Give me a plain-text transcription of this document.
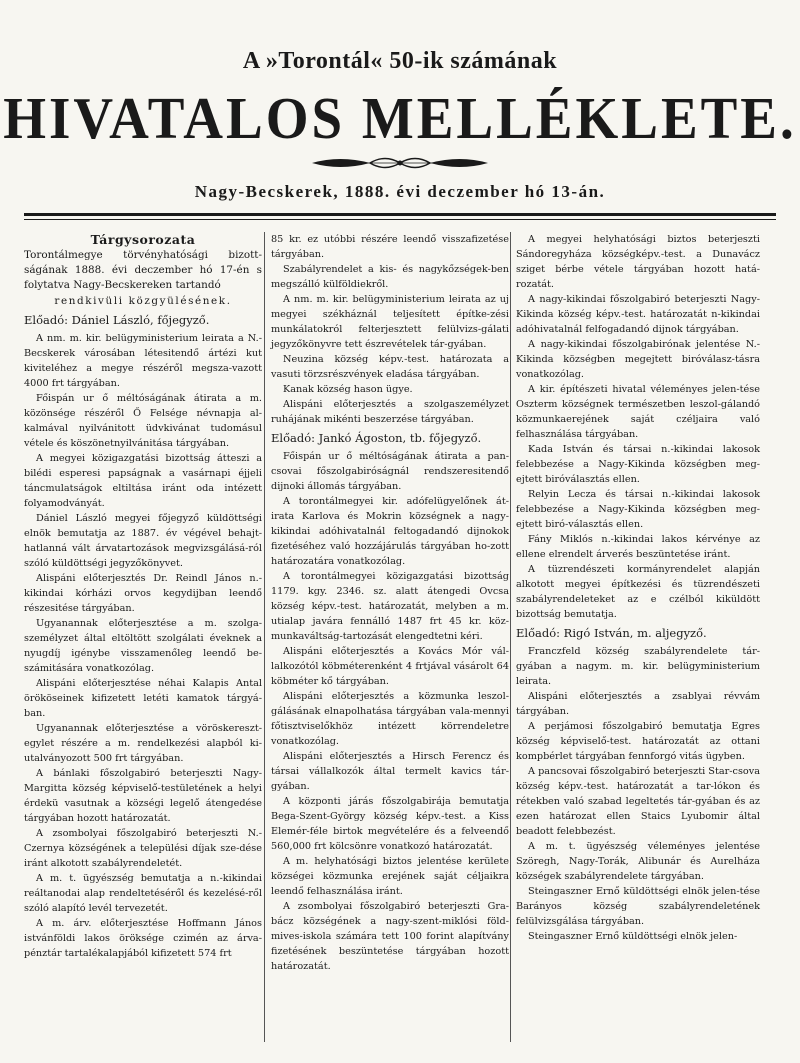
A »Torontál« 50-ik számának
HIVATALOS MELLÉKLETE.
Nagy-Becskerek, 1888. évi deczember hó 13-án.
Tárgysorozata

Torontálmegye törvényhatósági bizott-ságának 1888. évi deczember hó 17-én s folytatva Nagy-Becskereken tartandó

rendkivüli közgyülésének.

Előadó: Dániel László, főjegyző.

A nm. m. kir. belügyministerium leirata a N.-Becskerek városában létesitendő ártézi kut kiviteléhez a megye részéről megsza-vazott 4000 frt tárgyában.

Főispán ur ő méltóságának átirata a m. közönsége részéről Ő Felsége névnapja al-kalmával nyilvánitott üdvkivánat tudomásul vétele és köszönetnyilvánitása tárgyában.

A megyei közigazgatási bizottság átteszi a bilédi esperesi papságnak a vasárnapi éjjeli táncmulatságok eltiltása iránt oda intézett folyamodványát.

Dániel László megyei főjegyző küldöttségi elnök bemutatja az 1887. év végével behajt-hatlanná vált árvatartozások megvizsgálásá-ról szóló küldöttségi jegyzőkönyvet.

Alispáni előterjesztés Dr. Reindl János n.-kikindai kórházi orvos kegydijban leendő részesitése tárgyában.

Ugyanannak előterjesztése a m. szolga-személyzet által eltöltött szolgálati éveknek a nyugdíj igénybe visszamenőleg leendő be-számitására vonatkozólag.

Alispáni előterjesztése néhai Kalapis Antal örököseinek kifizetett letéti kamatok tárgyá-ban.

Ugyanannak előterjesztése a vöröskereszt-egylet részére a m. rendelkezési alapból ki-utalványozott 500 frt tárgyában.

A bánlaki főszolgabiró beterjeszti Nagy-Margitta község képviselő-testületének a helyi érdekü vasutnak a községi legelő átengedése tárgyában hozott határozatát.

A zsombolyai főszolgabiró beterjeszti N.-Czernya községének a települési díjak sze-dése iránt alkotott szabályrendeletét.

A m. t. ügyészség bemutatja a n.-kikindai reáltanodai alap rendeltetéséről és kezelésé-ről szóló alapító levél tervezetét.

A m. árv. előterjesztése Hoffmann János istvánföldi lakos öröksége czimén az árva-pénztár tartalékalapjából kifizetett 574 frt

85 kr. ez utóbbi részére leendő visszafizetése tárgyában.

Szabályrendelet a kis- és nagykőzségek-ben megszálló külföldiekről.

A nm. m. kir. belügyministerium leirata az uj megyei székháznál teljesített építke-zési munkálatokról felterjesztett felülvizs-gálati jegyzőkönyvre tett észrevételek tár-gyában.

Neuzina község képv.-test. határozata a vasuti törzsrészvények eladása tárgyában.

Kanak község hason ügye.

Alispáni előterjesztés a szolgaszemélyzet ruhájának mikénti beszerzése tárgyában.

Előadó: Jankó Ágoston, tb. főjegyző.

Főispán ur ő méltóságának átirata a pan-csovai főszolgabiróságnál rendszeresitendő dijnoki állomás tárgyában.

A torontálmegyei kir. adófelügyelőnek át-irata Karlova és Mokrin községnek a nagy-kikindai adóhivatalnál feltogadandó dijnokok fizetéséhez való hozzájárulás tárgyában ho-zott határozatára vonatkozólag.

A torontálmegyei közigazgatási bizottság 1179. kgy. 2346. sz. alatt átengedi Ovcsa község képv.-test. határozatát, melyben a m. utialap javára fennálló 1487 frt 45 kr. köz-munkaváltság-tartozását elengedtetni kéri.

Alispáni előterjesztés a Kovács Mór vál-lalkozótól köbméterenként 4 frtjával vásárolt 64 köbméter kő tárgyában.

Alispáni előterjesztés a közmunka leszol-gálásának elnapolhatása tárgyában vala-mennyi főtisztviselőkhöz intézett körrendeletre vonatkozólag.

Alispáni előterjesztés a Hirsch Ferencz és társai vállalkozók által termelt kavics tár-gyában.

A központi járás főszolgabirája bemutatja Bega-Szent-György község képv.-test. a Kiss Elemér-féle birtok megvételére és a felveendő 560,000 frt kölcsönre vonatkozó határozatát.

A m. helyhatósági biztos jelentése kerülete községei közmunka erejének saját céljaikra leendő felhasználása iránt.

A zsombolyai főszolgabiró beterjeszti Gra-bácz községének a nagy-szent-miklósi föld-mives-iskola számára tett 100 forint alapítvány fizetésének beszüntetése tárgyában hozott határozatát.

A megyei helyhatósági biztos beterjeszti Sándoregyháza községképv.-test. a Dunavácz sziget bérbe vétele tárgyában hozott hatá-rozatát.

A nagy-kikindai főszolgabiró beterjeszti Nagy-Kikinda község képv.-test. határozatát n-kikindai adóhivatalnál felfogadandó dijnok tárgyában.

A nagy-kikindai főszolgabirónak jelentése N.-Kikinda községben megejtett biróválasz-tásra vonatkozólag.

A kir. építészeti hivatal véleményes jelen-tése Oszterm községnek természetben leszol-gálandó közmunkaerejének saját czéljaira való felhasználása tárgyában.

Kada István és társai n.-kikindai lakosok felebbezése a Nagy-Kikinda községben meg-ejtett biróválasztás ellen.

Relyin Lecza és társai n.-kikindai lakosok felebbezése a Nagy-Kikinda községben meg-ejtett biró-választás ellen.

Fány Miklós n.-kikindai lakos kérvénye az ellene elrendelt árverés beszüntetése iránt.

A tüzrendészeti kormányrendelet alapján alkotott megyei építkezési és tüzrendészeti szabályrendeleteket az e czélból kiküldött bizottság bemutatja.

Előadó: Rigó István, m. aljegyző.

Franczfeld község szabályrendelete tár-gyában a nagym. m. kir. belügyministerium leirata.

Alispáni előterjesztés a zsablyai révvám tárgyában.

A perjámosi főszolgabiró bemutatja Egres község képviselő-test. határozatát az ottani kompbérlet tárgyában fennforgó vitás ügyben.

A pancsovai főszolgabiró beterjeszti Star-csova község képv.-test. határozatát a tar-lókon és rétekben való szabad legeltetés tár-gyában és az ezen határozat ellen Staics Lyubomir által beadott felebbezést.

A m. t. ügyészség véleményes jelentése Szöregh, Nagy-Torák, Alibunár és Aurelháza községek szabályrendelete tárgyában.

Steingaszner Ernő küldöttségi elnök jelen-tése Barányos község szabályrendeletének felülvizsgálása tárgyában.

Steingaszner Ernő küldöttségi elnök jelen-
